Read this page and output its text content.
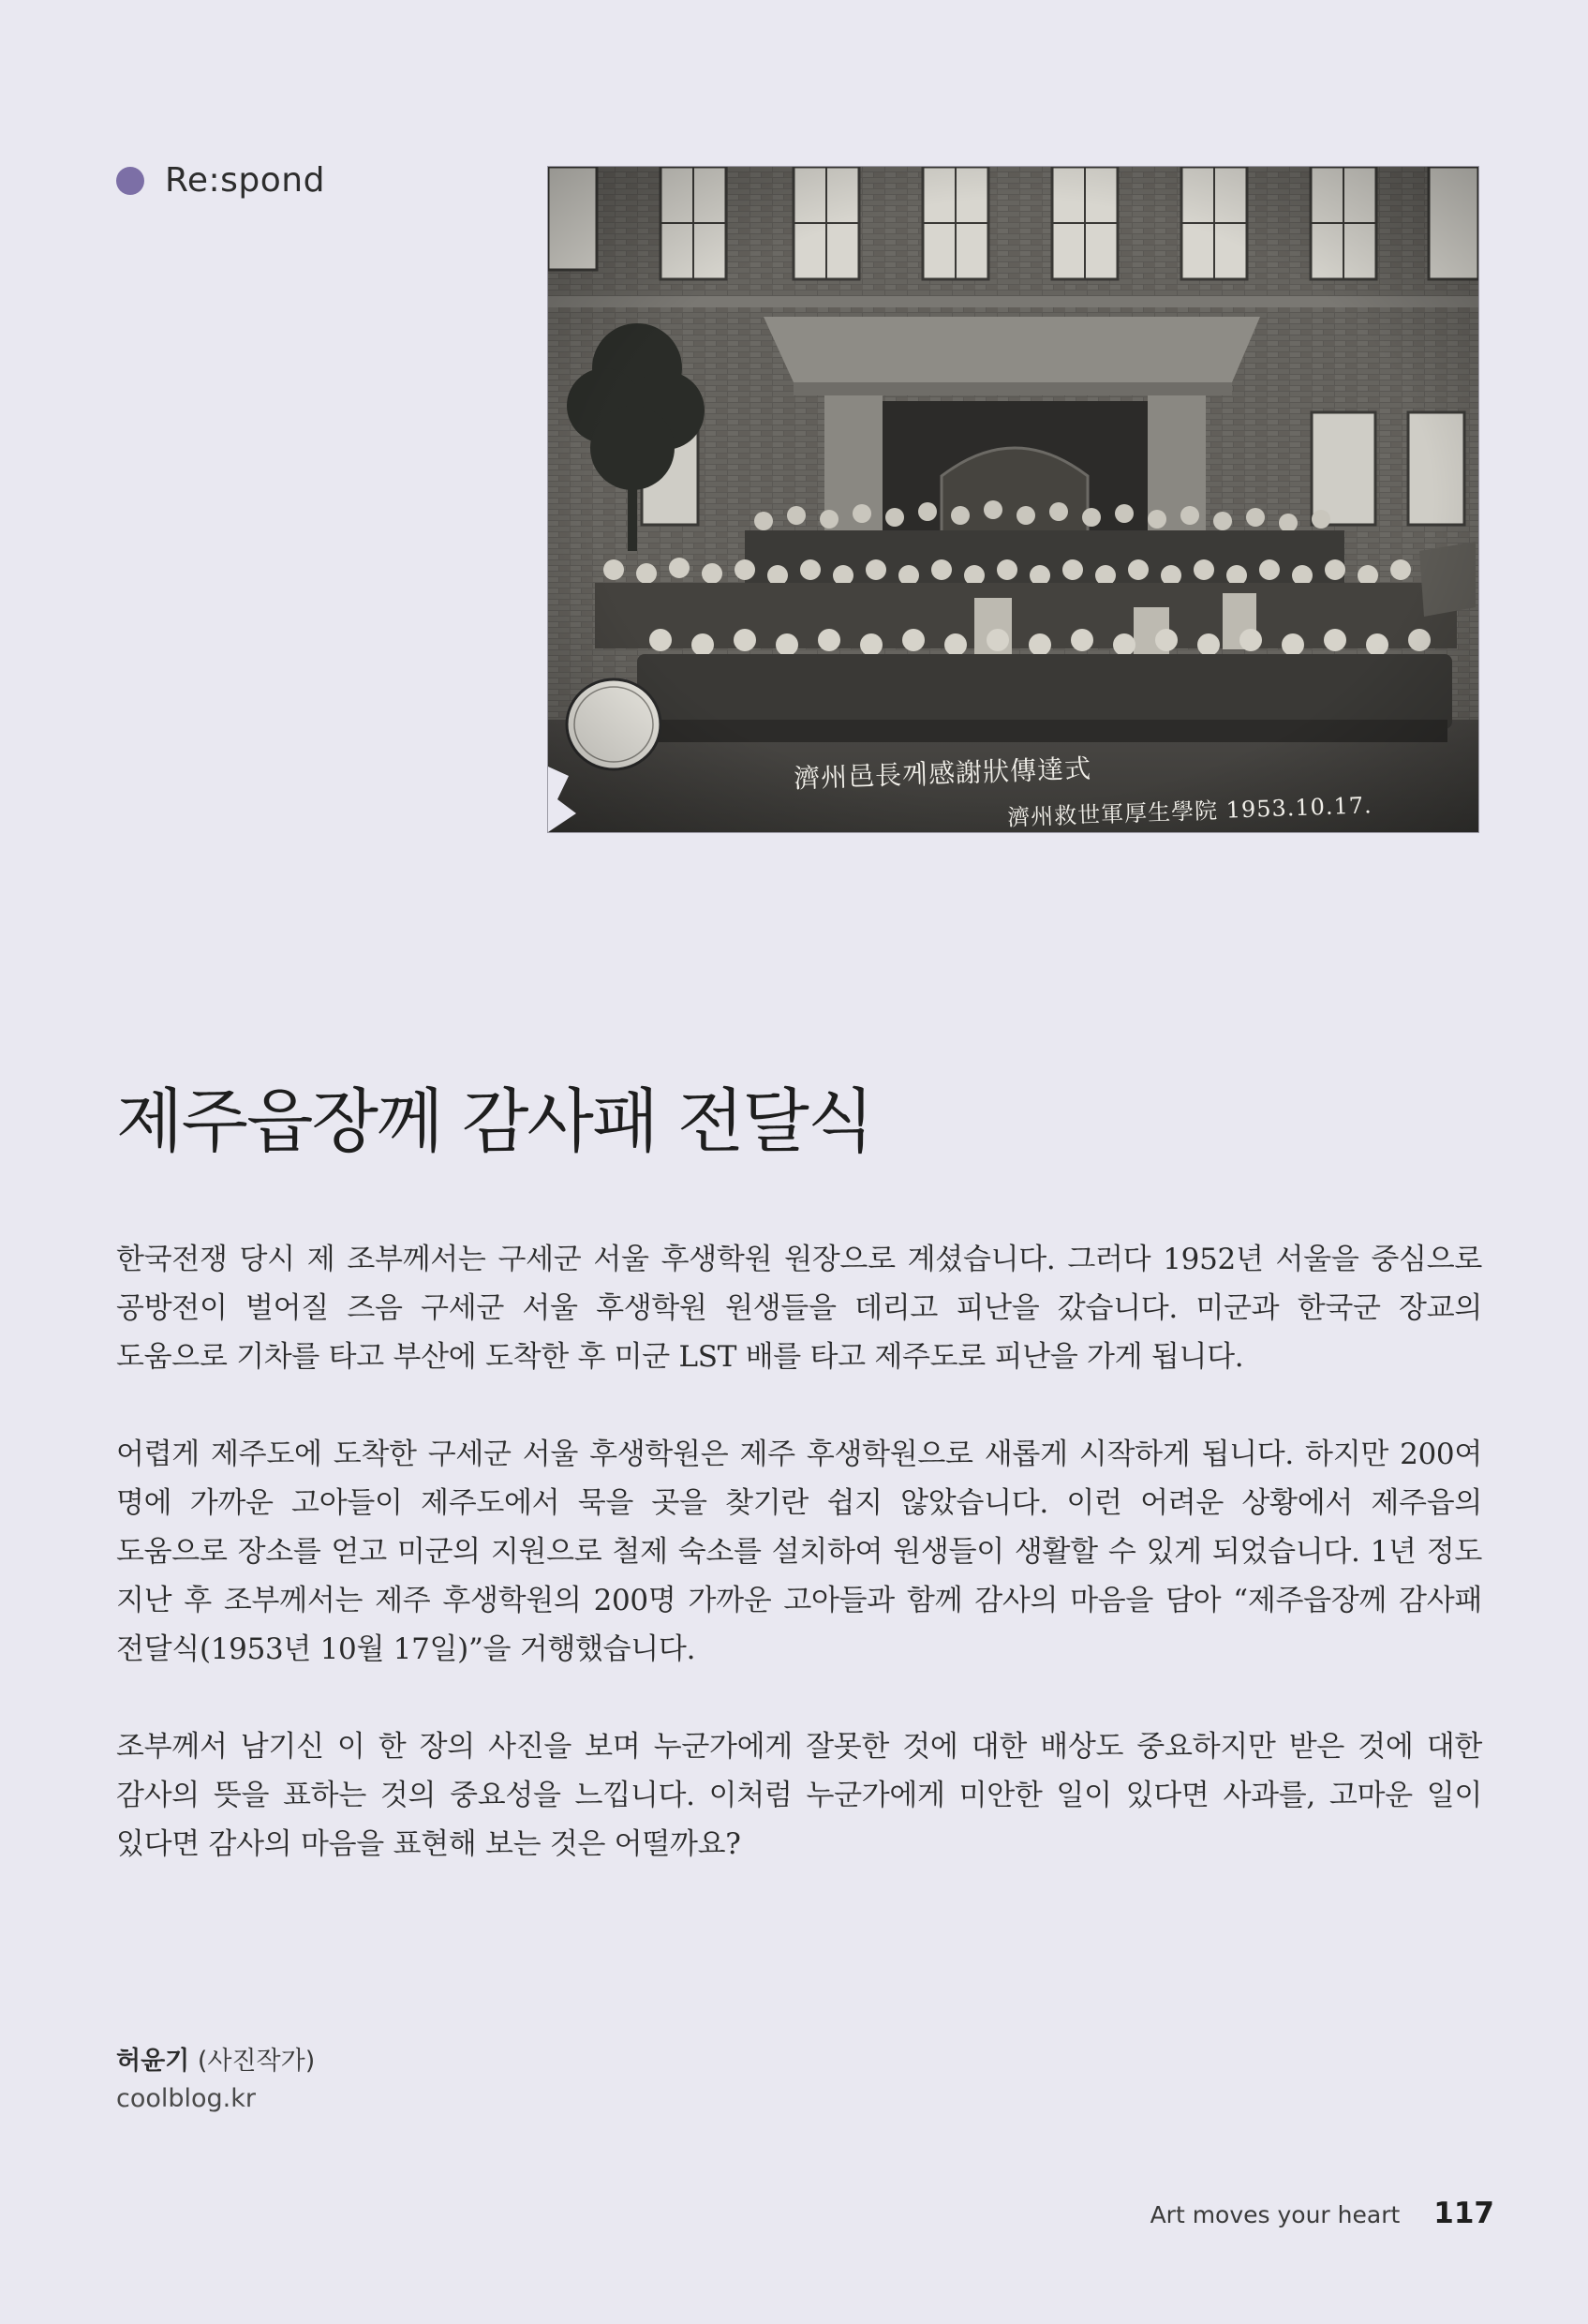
Re:spond
濟州邑長께感謝狀傳達式
濟州救世軍厚生學院 1953.10.17.
제주읍장께 감사패 전달식

한국전쟁 당시 제 조부께서는 구세군 서울 후생학원 원장으로 계셨습니다. 그러다 1952년 서울을 중심으로 공방전이 벌어질 즈음 구세군 서울 후생학원 원생들을 데리고 피난을 갔습니다. 미군과 한국군 장교의 도움으로 기차를 타고 부산에 도착한 후 미군 LST 배를 타고 제주도로 피난을 가게 됩니다.

어렵게 제주도에 도착한 구세군 서울 후생학원은 제주 후생학원으로 새롭게 시작하게 됩니다. 하지만 200여 명에 가까운 고아들이 제주도에서 묵을 곳을 찾기란 쉽지 않았습니다. 이런 어려운 상황에서 제주읍의 도움으로 장소를 얻고 미군의 지원으로 철제 숙소를 설치하여 원생들이 생활할 수 있게 되었습니다. 1년 정도 지난 후 조부께서는 제주 후생학원의 200명 가까운 고아들과 함께 감사의 마음을 담아 “제주읍장께 감사패 전달식(1953년 10월 17일)”을 거행했습니다.

조부께서 남기신 이 한 장의 사진을 보며 누군가에게 잘못한 것에 대한 배상도 중요하지만 받은 것에 대한 감사의 뜻을 표하는 것의 중요성을 느낍니다. 이처럼 누군가에게 미안한 일이 있다면 사과를, 고마운 일이 있다면 감사의 마음을 표현해 보는 것은 어떨까요?

허윤기 (사진작가)
coolblog.kr
Art moves your heart 117
